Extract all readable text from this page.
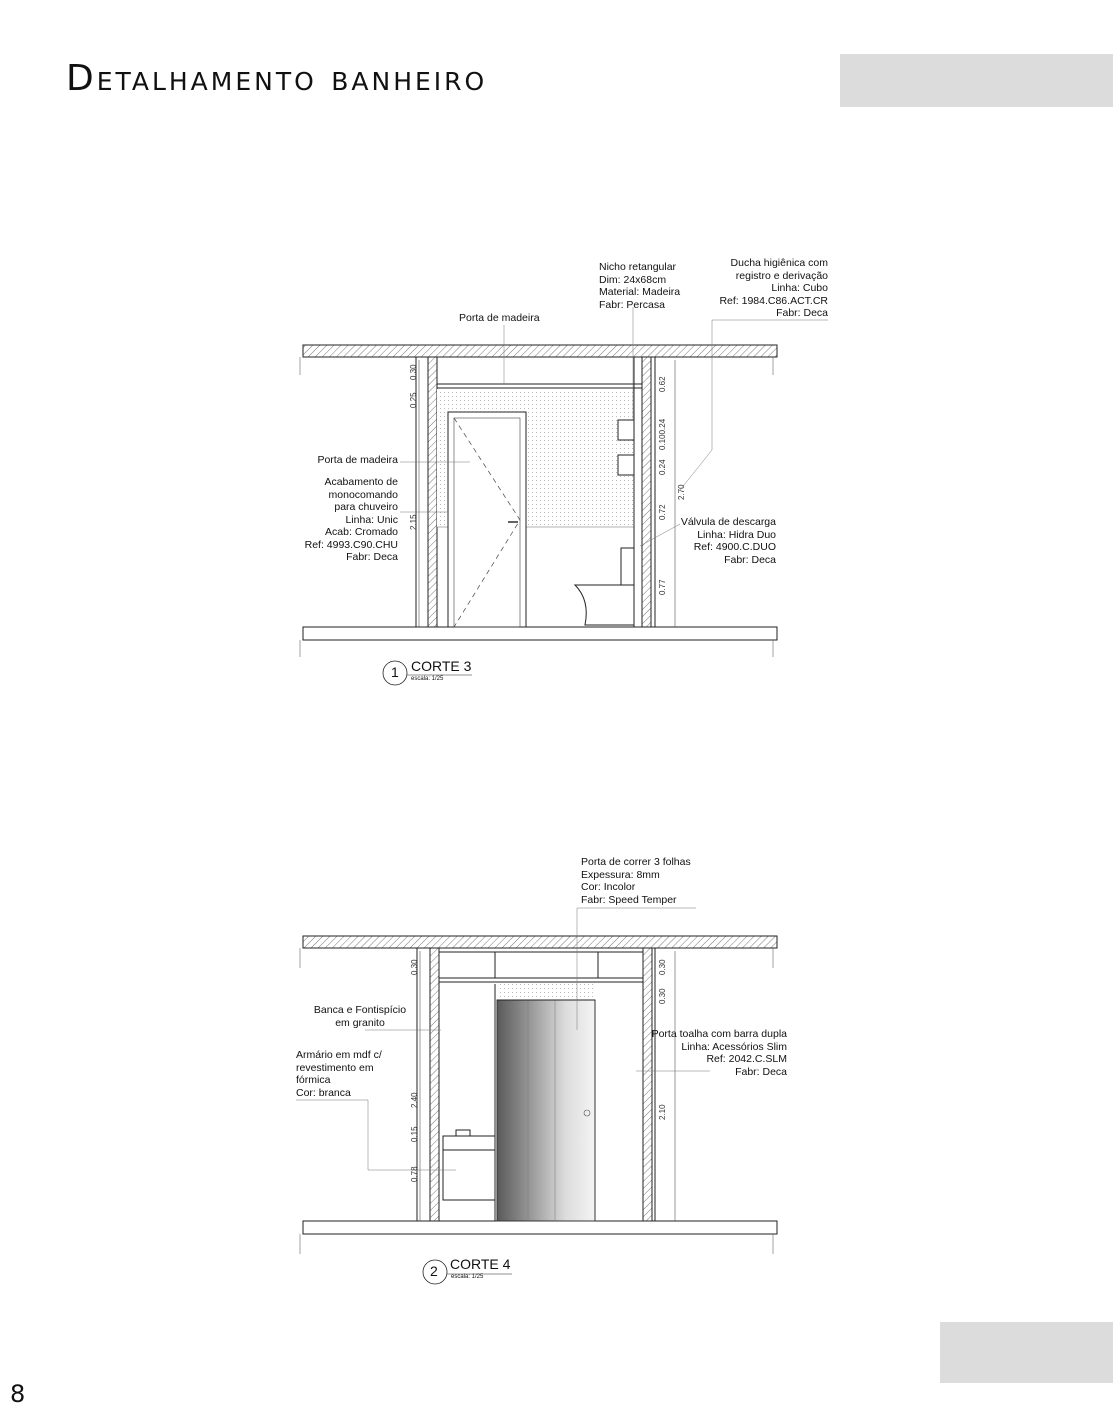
Detalhamento banheiro
8
Porta de madeira
Nicho retangular
Dim: 24x68cm
Material: Madeira
Fabr: Percasa
Ducha higiênica com
registro e derivação
Linha: Cubo
Ref: 1984.C86.ACT.CR
Fabr: Deca
Porta de madeira
Acabamento de
monocomando
para chuveiro
Linha: Unic
Acab: Cromado
Ref: 4993.C90.CHU
Fabr: Deca
Válvula de descarga
Linha: Hidra Duo
Ref: 4900.C.DUO
Fabr: Deca
0.30
0.25
2.15
0.62
0.24
0.100.24
0.72
0.77
2.70
1 CORTE 3
escala: 1/25
Porta de correr 3 folhas
Expessura: 8mm
Cor: Incolor
Fabr: Speed Temper
Banca e Fontispício
em granito
Armário em mdf c/
revestimento em
fórmica
Cor: branca
Porta toalha com barra dupla
Linha: Acessórios Slim
Ref: 2042.C.SLM
Fabr: Deca
0.30
2.40
0.15
0.78
0.30
0.30
2.10
2 CORTE 4
escala: 1/25
